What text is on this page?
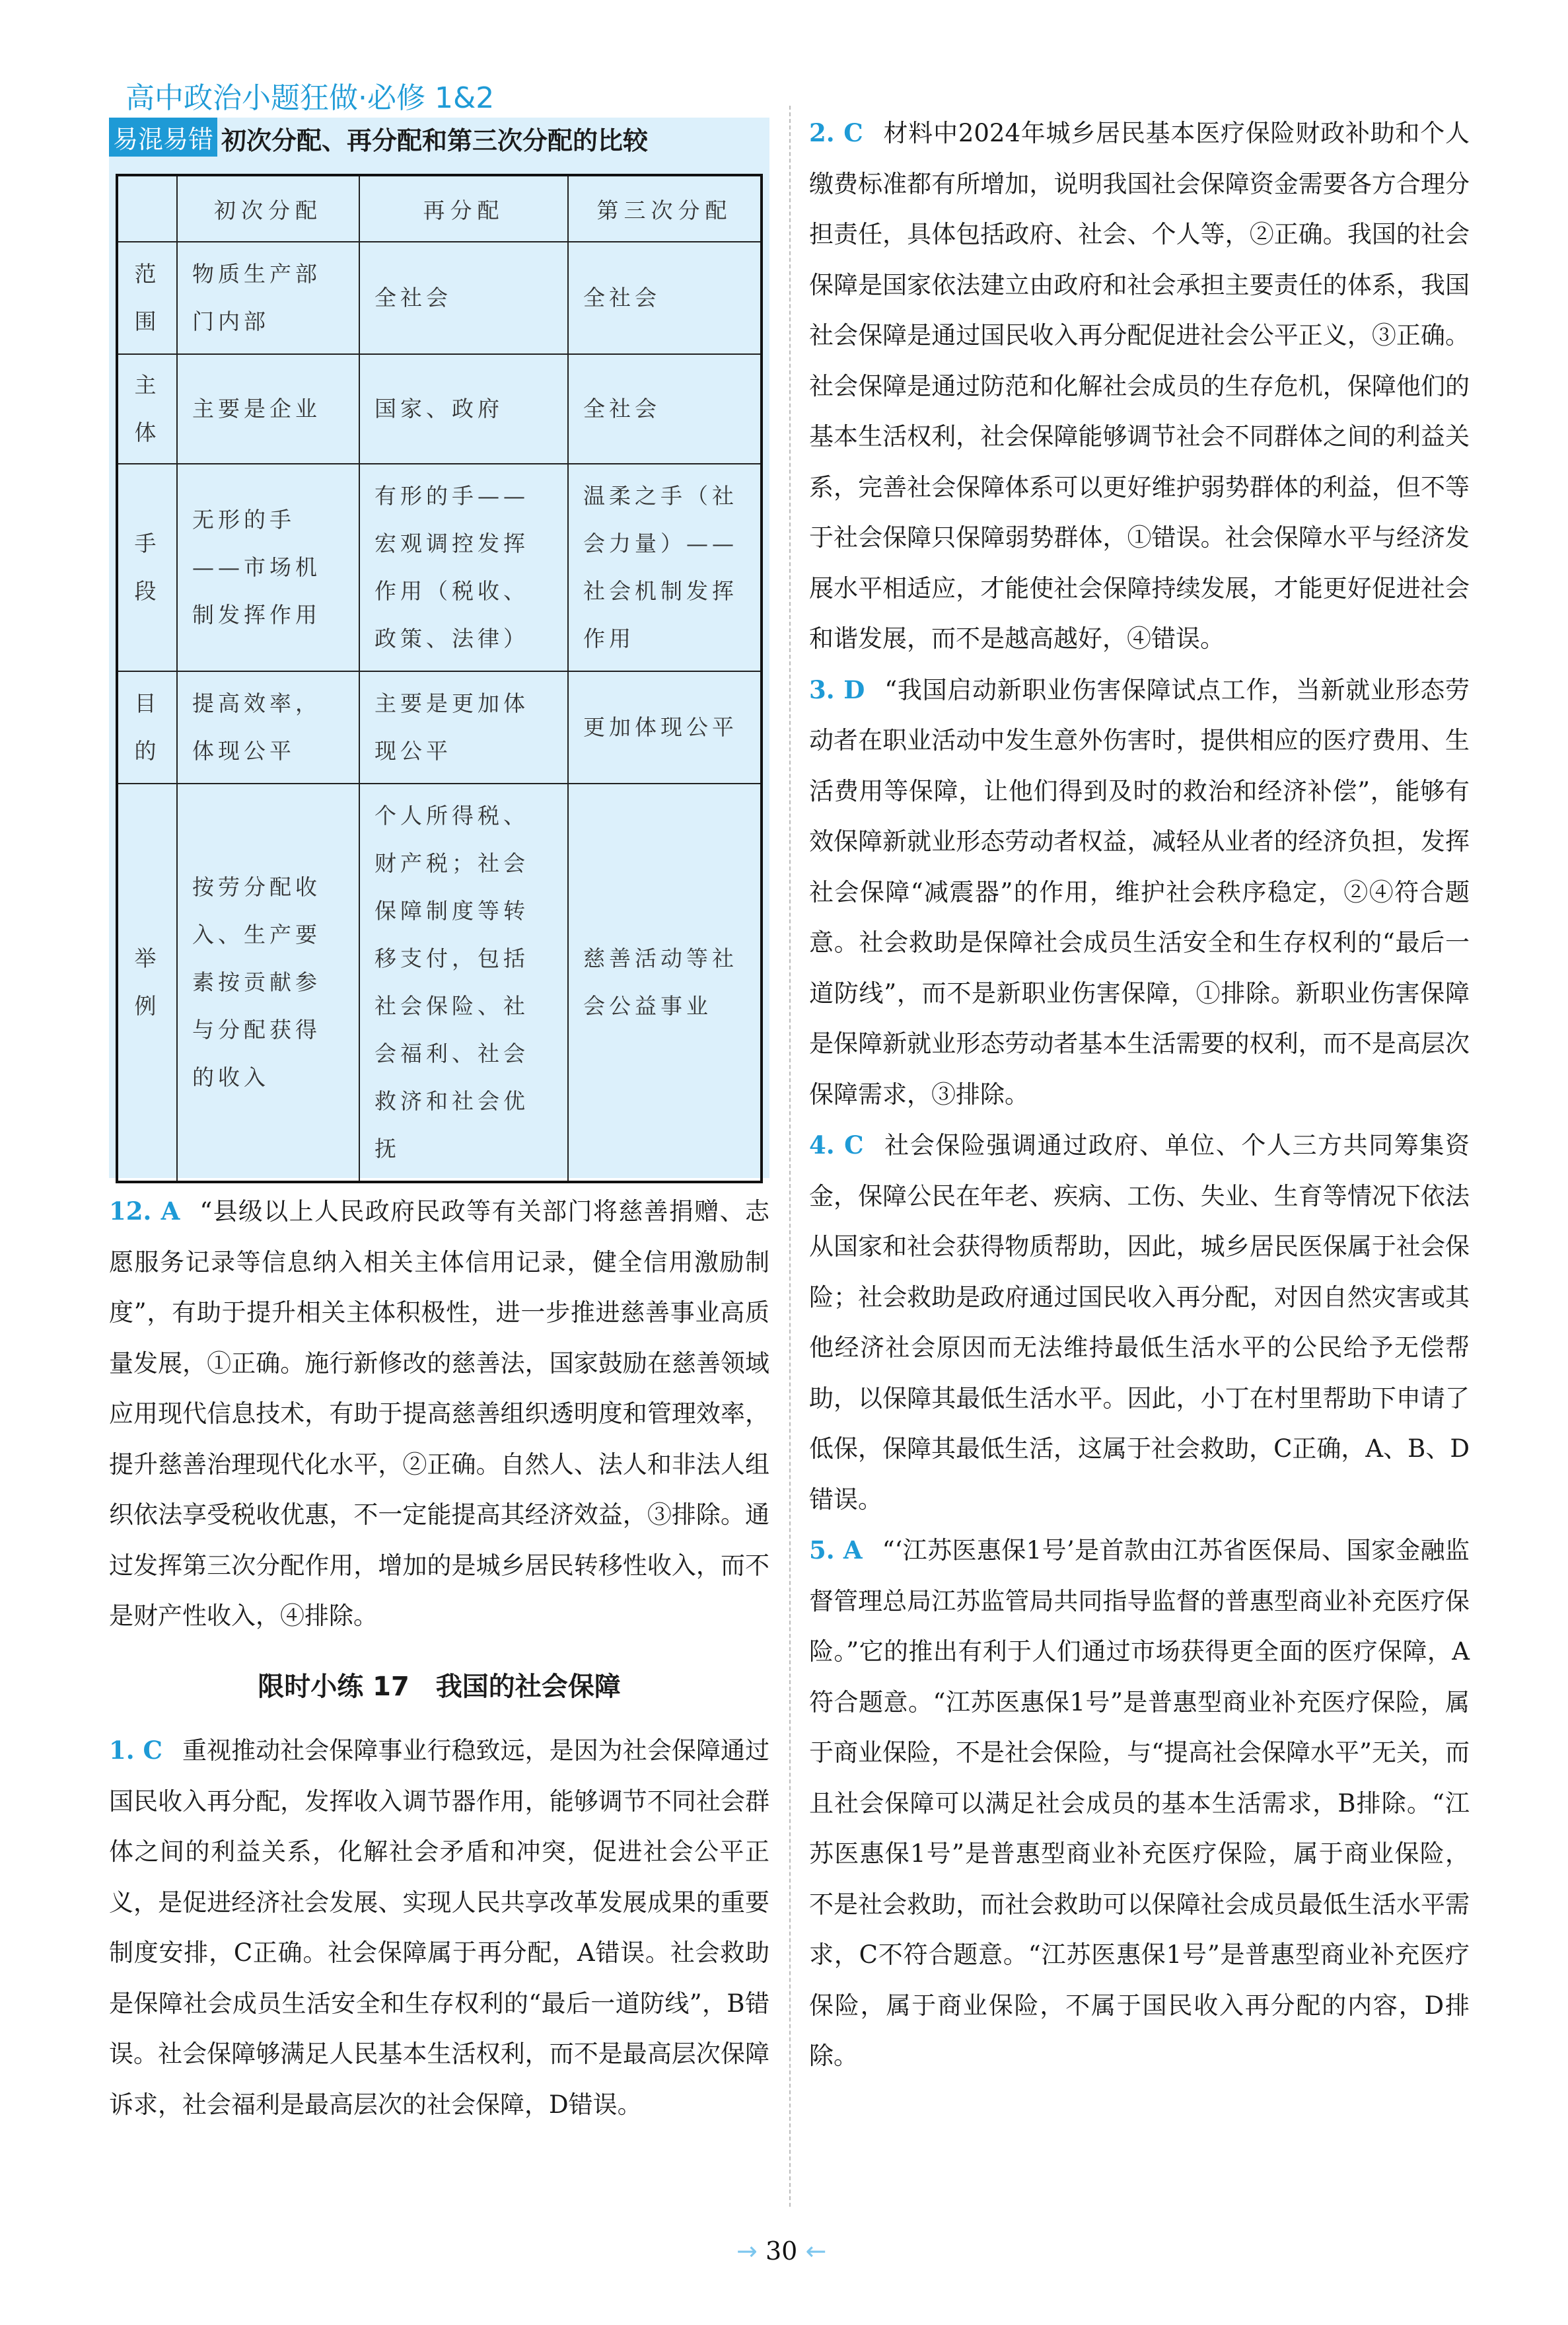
高中政治小题狂做·必修 1&2
易混易错 初次分配、再分配和第三次分配的比较
	初次分配	再分配	第三次分配
范围	物质生产部门内部	全社会	全社会
主体	主要是企业	国家、政府	全社会
手段	无形的手——市场机制发挥作用	有形的手——宏观调控发挥作用（税收、政策、法律）	温柔之手（社会力量）——社会机制发挥作用
目的	提高效率，体现公平	主要是更加体现公平	更加体现公平
举例	按劳分配收入、生产要素按贡献参与分配获得的收入	个人所得税、财产税；社会保障制度等转移支付，包括社会保险、社会福利、社会救济和社会优抚	慈善活动等社会公益事业

12. A “县级以上人民政府民政等有关部门将慈善捐赠、志愿服务记录等信息纳入相关主体信用记录，健全信用激励制度”，有助于提升相关主体积极性，进一步推进慈善事业高质量发展，①正确。施行新修改的慈善法，国家鼓励在慈善领域应用现代信息技术，有助于提高慈善组织透明度和管理效率，提升慈善治理现代化水平，②正确。自然人、法人和非法人组织依法享受税收优惠，不一定能提高其经济效益，③排除。通过发挥第三次分配作用，增加的是城乡居民转移性收入，而不是财产性收入，④排除。

限时小练 17　我国的社会保障

1. C 重视推动社会保障事业行稳致远，是因为社会保障通过国民收入再分配，发挥收入调节器作用，能够调节不同社会群体之间的利益关系，化解社会矛盾和冲突，促进社会公平正义，是促进经济社会发展、实现人民共享改革发展成果的重要制度安排，C正确。社会保障属于再分配，A错误。社会救助是保障社会成员生活安全和生存权利的“最后一道防线”，B错误。社会保障够满足人民基本生活权利，而不是最高层次保障诉求，社会福利是最高层次的社会保障，D错误。

2. C 材料中2024年城乡居民基本医疗保险财政补助和个人缴费标准都有所增加，说明我国社会保障资金需要各方合理分担责任，具体包括政府、社会、个人等，②正确。我国的社会保障是国家依法建立由政府和社会承担主要责任的体系，我国社会保障是通过国民收入再分配促进社会公平正义，③正确。社会保障是通过防范和化解社会成员的生存危机，保障他们的基本生活权利，社会保障能够调节社会不同群体之间的利益关系，完善社会保障体系可以更好维护弱势群体的利益，但不等于社会保障只保障弱势群体，①错误。社会保障水平与经济发展水平相适应，才能使社会保障持续发展，才能更好促进社会和谐发展，而不是越高越好，④错误。

3. D “我国启动新职业伤害保障试点工作，当新就业形态劳动者在职业活动中发生意外伤害时，提供相应的医疗费用、生活费用等保障，让他们得到及时的救治和经济补偿”，能够有效保障新就业形态劳动者权益，减轻从业者的经济负担，发挥社会保障“减震器”的作用，维护社会秩序稳定，②④符合题意。社会救助是保障社会成员生活安全和生存权利的“最后一道防线”，而不是新职业伤害保障，①排除。新职业伤害保障是保障新就业形态劳动者基本生活需要的权利，而不是高层次保障需求，③排除。

4. C 社会保险强调通过政府、单位、个人三方共同筹集资金，保障公民在年老、疾病、工伤、失业、生育等情况下依法从国家和社会获得物质帮助，因此，城乡居民医保属于社会保险；社会救助是政府通过国民收入再分配，对因自然灾害或其他经济社会原因而无法维持最低生活水平的公民给予无偿帮助，以保障其最低生活水平。因此，小丁在村里帮助下申请了低保，保障其最低生活，这属于社会救助，C正确，A、B、D错误。

5. A “‘江苏医惠保1号’是首款由江苏省医保局、国家金融监督管理总局江苏监管局共同指导监督的普惠型商业补充医疗保险。”它的推出有利于人们通过市场获得更全面的医疗保障，A符合题意。“江苏医惠保1号”是普惠型商业补充医疗保险，属于商业保险，不是社会保险，与“提高社会保障水平”无关，而且社会保障可以满足社会成员的基本生活需求，B排除。“江苏医惠保1号”是普惠型商业补充医疗保险，属于商业保险，不是社会救助，而社会救助可以保障社会成员最低生活水平需求，C不符合题意。“江苏医惠保1号”是普惠型商业补充医疗保险，属于商业保险，不属于国民收入再分配的内容，D排除。

→ 30 ←
